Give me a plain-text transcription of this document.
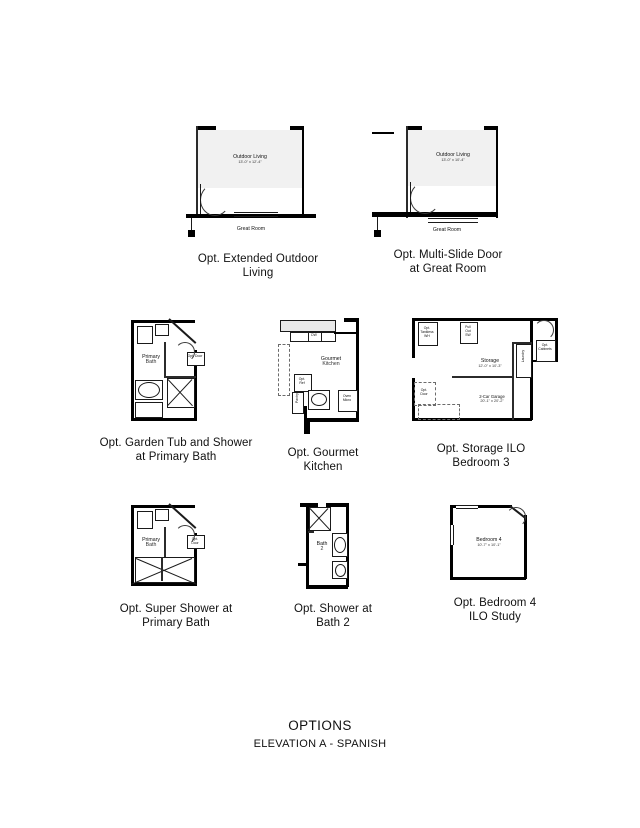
Outdoor Living
13'-0" x 12'-4"
Great Room
Opt. Extended Outdoor
Living
Outdoor Living
13'-0" x 10'-4"
Great Room
Opt. Multi-Slide Door
at Great Room
Opt. Door
Primary
Bath
Opt. Garden Tub and Shower
at Primary Bath
DW
Gourmet
Kitchen
Opt.
Ref
Pantry	Oven
Micro
Opt. Gourmet
Kitchen
Opt.
Tankless
WH
Pull
Out
SW
Storage
12'-0" x 10'-3"
2-Car Garage
20'-1" x 20'-2"
Opt.
Door
Laundry
Opt.
Cabinets
Opt. Storage ILO
Bedroom 3
Opt.
Door
Primary
Bath
Opt. Super Shower at
Primary Bath
Bath
2
Opt. Shower at
Bath 2
Bedroom 4
10'-7" x 10'-1"
Opt. Bedroom 4
ILO Study
OPTIONS
ELEVATION A - SPANISH
